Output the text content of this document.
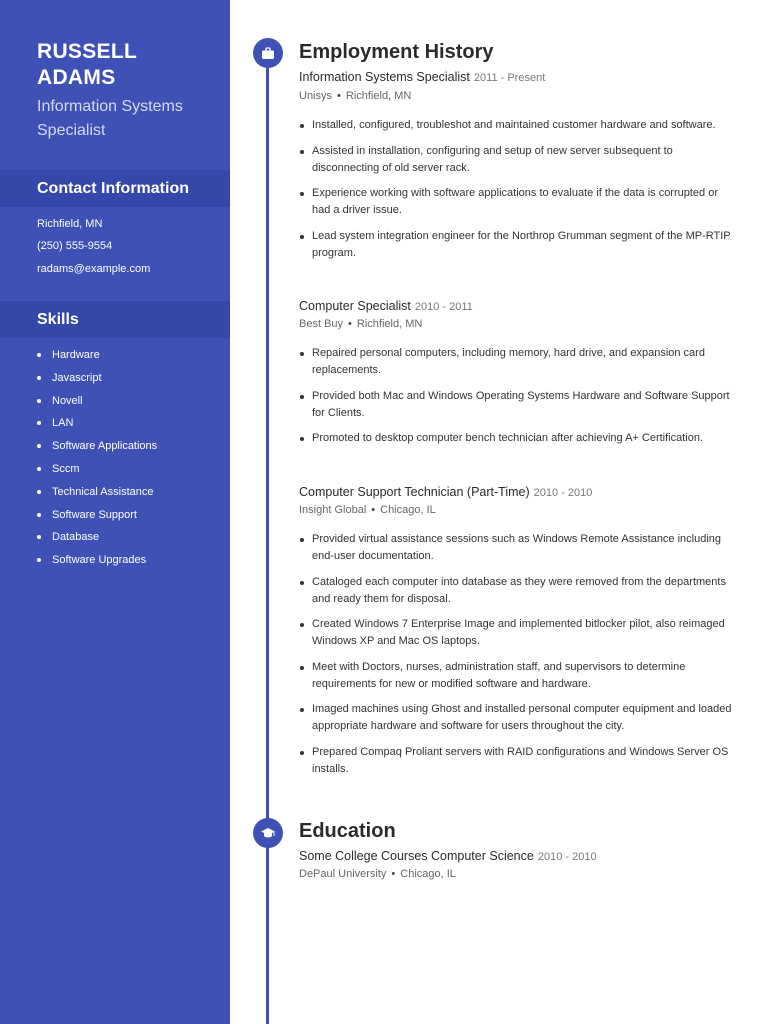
RUSSELL
ADAMS
Information Systems Specialist
Contact Information
Richfield, MN
(250) 555-9554
radams@example.com
Skills
Hardware
Javascript
Novell
LAN
Software Applications
Sccm
Technical Assistance
Software Support
Database
Software Upgrades
Employment History
Information Systems Specialist 2011 - Present
Unisys • Richfield, MN
Installed, configured, troubleshot and maintained customer hardware and software.
Assisted in installation, configuring and setup of new server subsequent to disconnecting of old server rack.
Experience working with software applications to evaluate if the data is corrupted or had a driver issue.
Lead system integration engineer for the Northrop Grumman segment of the MP-RTIP program.
Computer Specialist 2010 - 2011
Best Buy • Richfield, MN
Repaired personal computers, including memory, hard drive, and expansion card replacements.
Provided both Mac and Windows Operating Systems Hardware and Software Support for Clients.
Promoted to desktop computer bench technician after achieving A+ Certification.
Computer Support Technician (Part-Time) 2010 - 2010
Insight Global • Chicago, IL
Provided virtual assistance sessions such as Windows Remote Assistance including end-user documentation.
Cataloged each computer into database as they were removed from the departments and ready them for disposal.
Created Windows 7 Enterprise Image and implemented bitlocker pilot, also reimaged Windows XP and Mac OS laptops.
Meet with Doctors, nurses, administration staff, and supervisors to determine requirements for new or modified software and hardware.
Imaged machines using Ghost and installed personal computer equipment and loaded appropriate hardware and software for users throughout the city.
Prepared Compaq Proliant servers with RAID configurations and Windows Server OS installs.
Education
Some College Courses Computer Science 2010 - 2010
DePaul University • Chicago, IL
